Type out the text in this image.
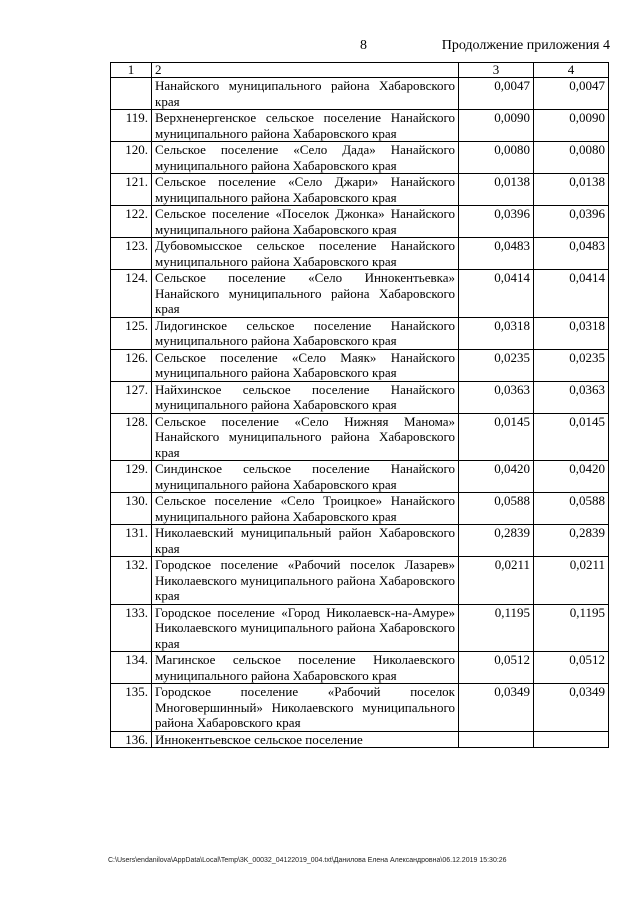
8	Продолжение приложения 4
1	2	3	4
	Нанайского муниципального района Хабаровского края	0,0047	0,0047
119.	Верхненергенское сельское поселение Нанайского муниципального района Хабаровского края	0,0090	0,0090
120.	Сельское поселение «Село Дада» Нанайского муниципального района Хабаровского края	0,0080	0,0080
121.	Сельское поселение «Село Джари» Нанайского муниципального района Хабаровского края	0,0138	0,0138
122.	Сельское поселение «Поселок Джонка» Нанайского муниципального района Хабаровского края	0,0396	0,0396
123.	Дубовомысское сельское поселение Нанайского муниципального района Хабаровского края	0,0483	0,0483
124.	Сельское поселение «Село Иннокентьевка» Нанайского муниципального района Хабаровского края	0,0414	0,0414
125.	Лидогинское сельское поселение Нанайского муниципального района Хабаровского края	0,0318	0,0318
126.	Сельское поселение «Село Маяк» Нанайского муниципального района Хабаровского края	0,0235	0,0235
127.	Найхинское сельское поселение Нанайского муниципального района Хабаровского края	0,0363	0,0363
128.	Сельское поселение «Село Нижняя Манома» Нанайского муниципального района Хабаровского края	0,0145	0,0145
129.	Синдинское сельское поселение Нанайского муниципального района Хабаровского края	0,0420	0,0420
130.	Сельское поселение «Село Троицкое» Нанайского муниципального района Хабаровского края	0,0588	0,0588
131.	Николаевский муниципальный район Хабаровского края	0,2839	0,2839
132.	Городское поселение «Рабочий поселок Лазарев» Николаевского муниципального района Хабаровского края	0,0211	0,0211
133.	Городское поселение «Город Николаевск-на-Амуре» Николаевского муниципального района Хабаровского края	0,1195	0,1195
134.	Магинское сельское поселение Николаевского муниципального района Хабаровского края	0,0512	0,0512
135.	Городское поселение «Рабочий поселок Многовершинный» Николаевского муниципального района Хабаровского края	0,0349	0,0349
136.	Иннокентьевское сельское поселение		
C:\Users\endanilova\AppData\Local\Temp\3K_00032_04122019_004.txt\Данилова Елена Александровна\06.12.2019 15:30:26
